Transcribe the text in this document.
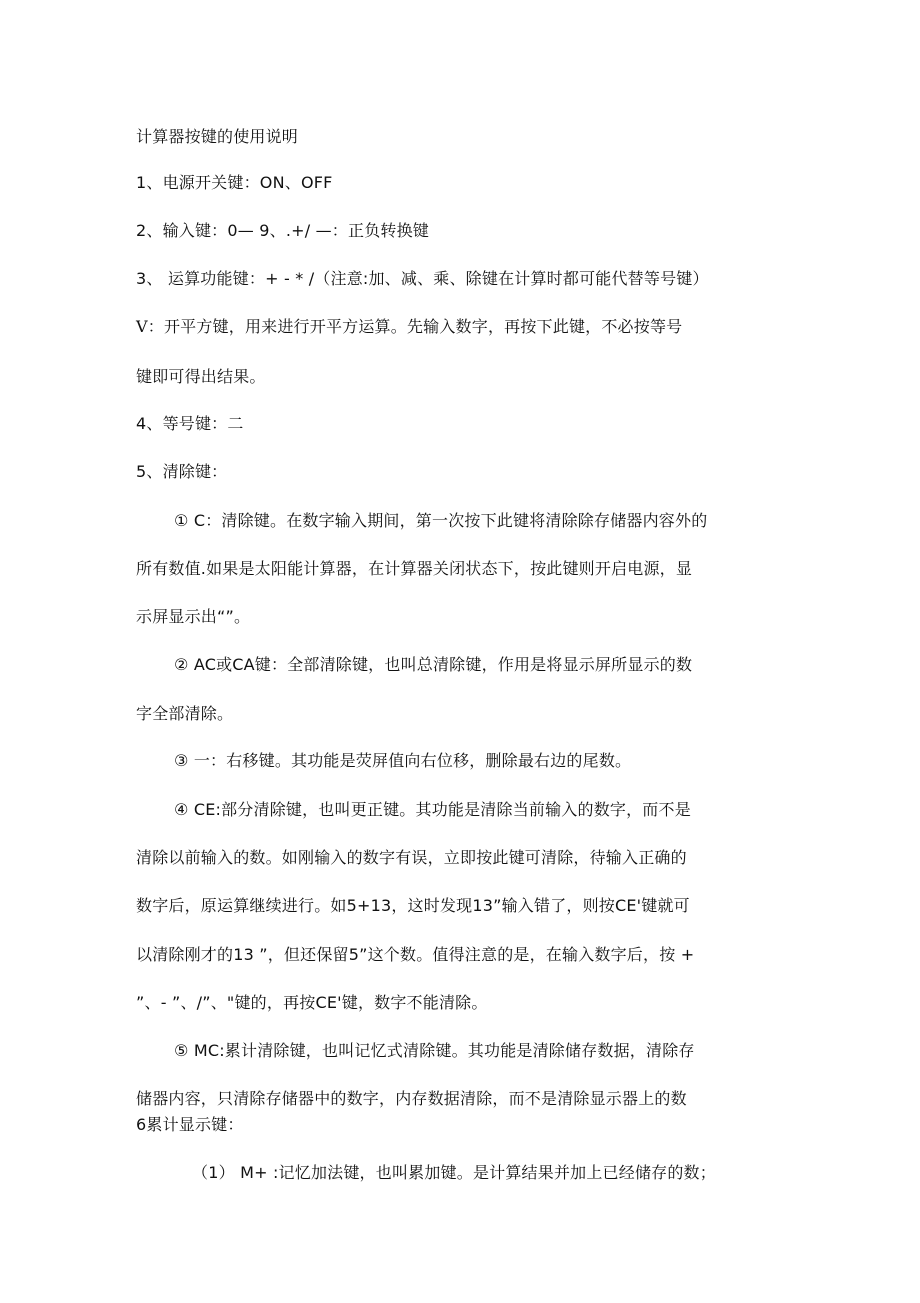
计算器按键的使用说明
1、电源开关键：ON、OFF
2、输入键：0— 9、.+/ —：正负转换键
3、 运算功能键：+ - * /（注意:加、减、乘、除键在计算时都可能代替等号键）
V：开平方键，用来进行开平方运算。先输入数字，再按下此键，不必按等号
键即可得出结果。
4、等号键：二
5、清除键：
① C：清除键。在数字输入期间，第一次按下此键将清除除存储器内容外的
所有数值.如果是太阳能计算器，在计算器关闭状态下，按此键则开启电源，显
示屏显示出“”。
② AC或CA键：全部清除键，也叫总清除键，作用是将显示屏所显示的数
字全部清除。
③ 一：右移键。其功能是荧屏值向右位移，删除最右边的尾数。
④ CE:部分清除键，也叫更正键。其功能是清除当前输入的数字，而不是
清除以前输入的数。如刚输入的数字有误，立即按此键可清除，待输入正确的
数字后，原运算继续进行。如5+13，这时发现13”输入错了，则按CE'键就可
以清除刚才的13 ”，但还保留5”这个数。值得注意的是，在输入数字后，按 +
”、- ”、/”、"键的，再按CE'键，数字不能清除。
⑤ MC:累计清除键，也叫记忆式清除键。其功能是清除储存数据，清除存
储器内容，只清除存储器中的数字，内存数据清除，而不是清除显示器上的数
6累计显示键：
（1） M+ :记忆加法键，也叫累加键。是计算结果并加上已经储存的数；
